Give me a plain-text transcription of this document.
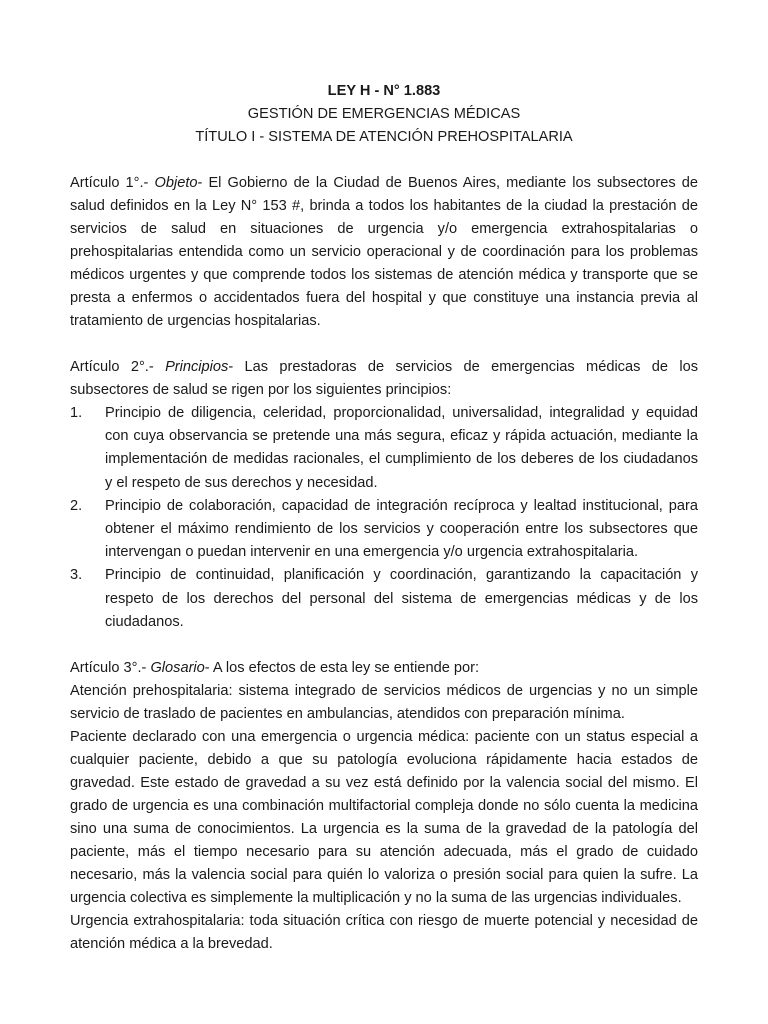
LEY H - N° 1.883
GESTIÓN DE EMERGENCIAS MÉDICAS
TÍTULO I - SISTEMA DE ATENCIÓN PREHOSPITALARIA

Artículo 1°.- Objeto- El Gobierno de la Ciudad de Buenos Aires, mediante los subsectores de salud definidos en la Ley N° 153 #, brinda a todos los habitantes de la ciudad la prestación de servicios de salud en situaciones de urgencia y/o emergencia extrahospitalarias o prehospitalarias entendida como un servicio operacional y de coordinación para los problemas médicos urgentes y que comprende todos los sistemas de atención médica y transporte que se presta a enfermos o accidentados fuera del hospital y que constituye una instancia previa al tratamiento de urgencias hospitalarias.

Artículo 2°.- Principios- Las prestadoras de servicios de emergencias médicas de los subsectores de salud se rigen por los siguientes principios:

1.	Principio de diligencia, celeridad, proporcionalidad, universalidad, integralidad y equidad con cuya observancia se pretende una más segura, eficaz y rápida actuación, mediante la implementación de medidas racionales, el cumplimiento de los deberes de los ciudadanos y el respeto de sus derechos y necesidad.
2.	Principio de colaboración, capacidad de integración recíproca y lealtad institucional, para obtener el máximo rendimiento de los servicios y cooperación entre los subsectores que intervengan o puedan intervenir en una emergencia y/o urgencia extrahospitalaria.
3.	Principio de continuidad, planificación y coordinación, garantizando la capacitación y respeto de los derechos del personal del sistema de emergencias médicas y de los ciudadanos.

Artículo 3°.- Glosario- A los efectos de esta ley se entiende por:

Atención prehospitalaria: sistema integrado de servicios médicos de urgencias y no un simple servicio de traslado de pacientes en ambulancias, atendidos con preparación mínima.

Paciente declarado con una emergencia o urgencia médica: paciente con un status especial a cualquier paciente, debido a que su patología evoluciona rápidamente hacia estados de gravedad. Este estado de gravedad a su vez está definido por la valencia social del mismo. El grado de urgencia es una combinación multifactorial compleja donde no sólo cuenta la medicina sino una suma de conocimientos. La urgencia es la suma de la gravedad de la patología del paciente, más el tiempo necesario para su atención adecuada, más el grado de cuidado necesario, más la valencia social para quién lo valoriza o presión social para quien la sufre. La urgencia colectiva es simplemente la multiplicación y no la suma de las urgencias individuales.

Urgencia extrahospitalaria: toda situación crítica con riesgo de muerte potencial y necesidad de atención médica a la brevedad.
